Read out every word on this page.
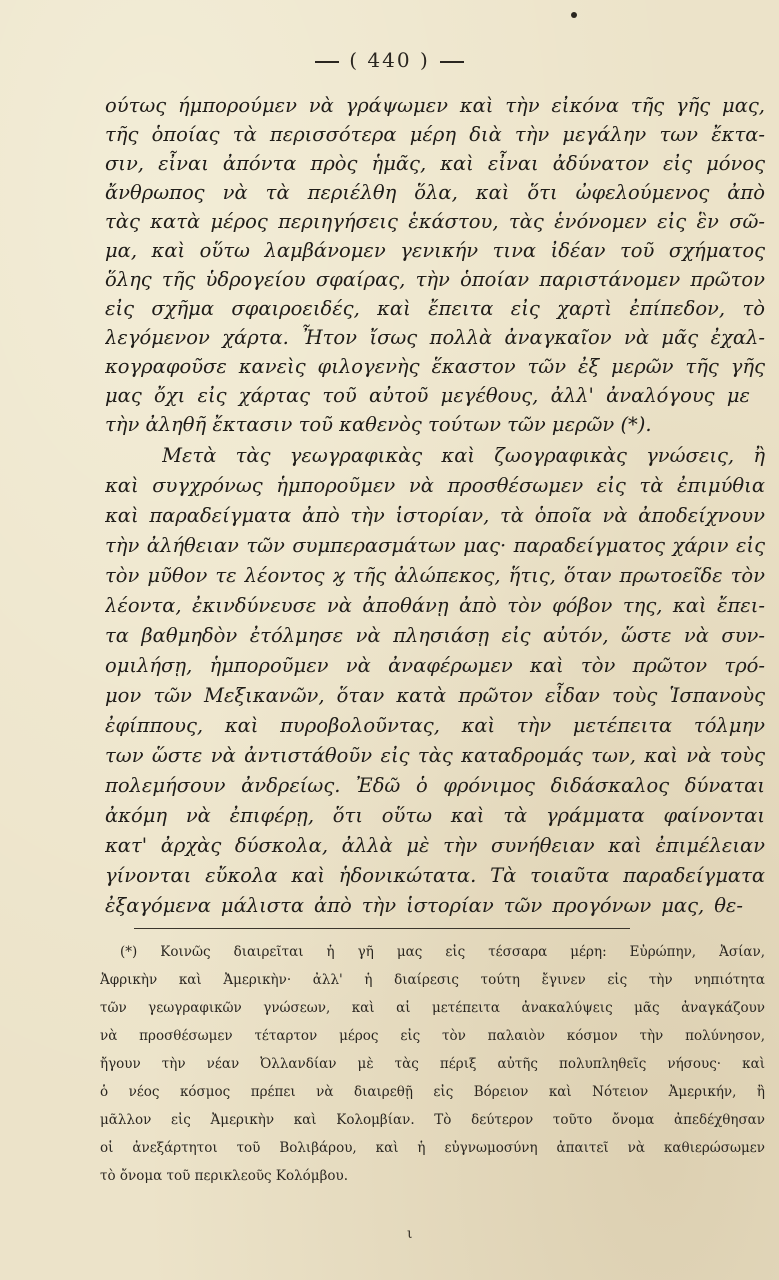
( 440 )
ούτως ήμπορούμεν νὰ γράψωμεν καὶ τὴν εἰκόνα τῆς γῆς μας,
τῆς ὁποίας τὰ περισσότερα μέρη διὰ τὴν μεγάλην των ἔκτα-
σιν, εἶναι ἀπόντα πρὸς ἡμᾶς, καὶ εἶναι ἀδύνατον εἰς μόνος
ἄνθρωπος νὰ τὰ περιέλθη ὅλα, καὶ ὅτι ὠφελούμενος ἀπὸ
τὰς κατὰ μέρος περιηγήσεις ἑκάστου, τὰς ἑνόνομεν εἰς ἓν σῶ-
μα, καὶ οὕτω λαμβάνομεν γενικήν τινα ἰδέαν τοῦ σχήματος
ὅλης τῆς ὑδρογείου σφαίρας, τὴν ὁποίαν παριστάνομεν πρῶτον
εἰς σχῆμα σφαιροειδές, καὶ ἔπειτα εἰς χαρτὶ ἐπίπεδον, τὸ
λεγόμενον χάρτα. Ἦτον ἴσως πολλὰ ἀναγκαῖον νὰ μᾶς ἐχαλ-
κογραφοῦσε κανεὶς φιλογενὴς ἕκαστον τῶν ἐξ μερῶν τῆς γῆς
μας ὄχι εἰς χάρτας τοῦ αὐτοῦ μεγέθους, ἀλλ' ἀναλόγους με
τὴν ἀληθῆ ἔκτασιν τοῦ καθενὸς τούτων τῶν μερῶν (*).
Μετὰ τὰς γεωγραφικὰς καὶ ζωογραφικὰς γνώσεις, ἢ
καὶ συγχρόνως ἡμποροῦμεν νὰ προσθέσωμεν εἰς τὰ ἐπιμύθια
καὶ παραδείγματα ἀπὸ τὴν ἱστορίαν, τὰ ὁποῖα νὰ ἀποδείχνουν
τὴν ἀλήθειαν τῶν συμπερασμάτων μας· παραδείγματος χάριν εἰς
τὸν μῦθον τε λέοντος ϗ τῆς ἀλώπεκος, ἥτις, ὅταν πρωτοεῖδε τὸν
λέοντα, ἐκινδύνευσε νὰ ἀποθάνῃ ἀπὸ τὸν φόβον της, καὶ ἔπει-
τα βαθμηδὸν ἐτόλμησε νὰ πλησιάσῃ εἰς αὐτόν, ὥστε νὰ συν-
ομιλήσῃ, ἡμποροῦμεν νὰ ἀναφέρωμεν καὶ τὸν πρῶτον τρό-
μον τῶν Μεξικανῶν, ὅταν κατὰ πρῶτον εἶδαν τοὺς Ἱσπανοὺς
ἐφίππους, καὶ πυροβολοῦντας, καὶ τὴν μετέπειτα τόλμην
των ὥστε νὰ ἀντιστάθοῦν εἰς τὰς καταδρομάς των, καὶ νὰ τοὺς
πολεμήσουν ἀνδρείως. Ἐδῶ ὁ φρόνιμος διδάσκαλος δύναται
ἀκόμη νὰ ἐπιφέρῃ, ὅτι οὕτω καὶ τὰ γράμματα φαίνονται
κατ' ἀρχὰς δύσκολα, ἀλλὰ μὲ τὴν συνήθειαν καὶ ἐπιμέλειαν
γίνονται εὔκολα καὶ ἡδονικώτατα. Τὰ τοιαῦτα παραδείγματα
ἐξαγόμενα μάλιστα ἀπὸ τὴν ἱστορίαν τῶν προγόνων μας, θε-
(*) Κοινῶς διαιρεῖται ἡ γῆ μας εἰς τέσσαρα μέρη: Εὐρώπην, Ἀσίαν,
Ἀφρικὴν καὶ Ἀμερικὴν· ἀλλ' ἡ διαίρεσις τούτη ἔγινεν εἰς τὴν νηπιότητα
τῶν γεωγραφικῶν γνώσεων, καὶ αἱ μετέπειτα ἀνακαλύψεις μᾶς ἀναγκάζουν
νὰ προσθέσωμεν τέταρτον μέρος εἰς τὸν παλαιὸν κόσμον τὴν πολύνησον,
ἤγουν τὴν νέαν Ὀλλανδίαν μὲ τὰς πέριξ αὐτῆς πολυπληθεῖς νήσους· καὶ
ὁ νέος κόσμος πρέπει νὰ διαιρεθῇ εἰς Βόρειον καὶ Νότειον Ἀμερικήν, ἢ
μᾶλλον εἰς Ἀμερικὴν καὶ Κολομβίαν. Τὸ δεύτερον τοῦτο ὄνομα ἀπεδέχθησαν
οἱ ἀνεξάρτητοι τοῦ Βολιβάρου, καὶ ἡ εὐγνωμοσύνη ἀπαιτεῖ νὰ καθιερώσωμεν
τὸ ὄνομα τοῦ περικλεοῦς Κολόμβου.
ι
